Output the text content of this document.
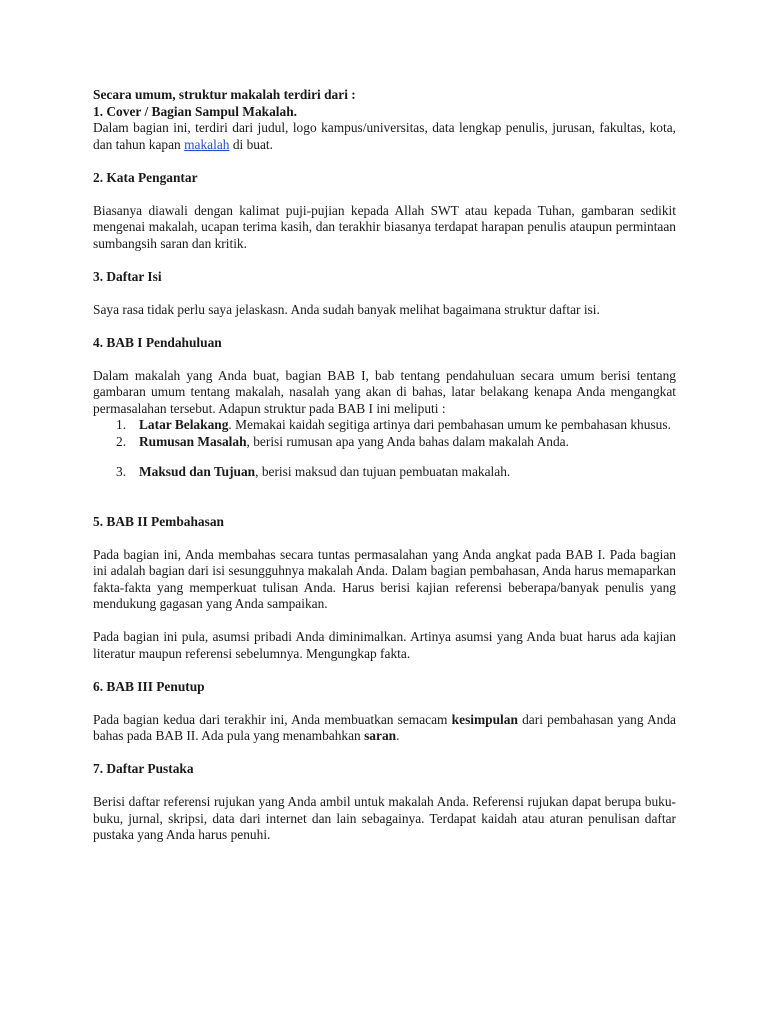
Secara umum, struktur makalah terdiri dari :

1. Cover / Bagian Sampul Makalah.

Dalam bagian ini, terdiri dari judul, logo kampus/universitas, data lengkap penulis, jurusan, fakultas, kota, dan tahun kapan makalah di buat.

2. Kata Pengantar

Biasanya diawali dengan kalimat puji-pujian kepada Allah SWT atau kepada Tuhan, gambaran sedikit mengenai makalah, ucapan terima kasih, dan terakhir biasanya terdapat harapan penulis ataupun permintaan sumbangsih saran dan kritik.

3. Daftar Isi

Saya rasa tidak perlu saya jelaskasn. Anda sudah banyak melihat bagaimana struktur daftar isi.

4. BAB I Pendahuluan

Dalam makalah yang Anda buat, bagian BAB I, bab tentang pendahuluan secara umum berisi tentang gambaran umum tentang makalah, nasalah yang akan di bahas, latar belakang kenapa Anda mengangkat permasalahan tersebut. Adapun struktur pada BAB I ini meliputi :

1. Latar Belakang. Memakai kaidah segitiga artinya dari pembahasan umum ke pembahasan khusus.
2. Rumusan Masalah, berisi rumusan apa yang Anda bahas dalam makalah Anda.
3. Maksud dan Tujuan, berisi maksud dan tujuan pembuatan makalah.

5. BAB II Pembahasan

Pada bagian ini, Anda membahas secara tuntas permasalahan yang Anda angkat pada BAB I. Pada bagian ini adalah bagian dari isi sesungguhnya makalah Anda. Dalam bagian pembahasan, Anda harus memaparkan fakta-fakta yang memperkuat tulisan Anda. Harus berisi kajian referensi beberapa/banyak penulis yang mendukung gagasan yang Anda sampaikan.

Pada bagian ini pula, asumsi pribadi Anda diminimalkan. Artinya asumsi yang Anda buat harus ada kajian literatur maupun referensi sebelumnya. Mengungkap fakta.

6. BAB III Penutup

Pada bagian kedua dari terakhir ini, Anda membuatkan semacam kesimpulan dari pembahasan yang Anda bahas pada BAB II. Ada pula yang menambahkan saran.

7. Daftar Pustaka

Berisi daftar referensi rujukan yang Anda ambil untuk makalah Anda. Referensi rujukan dapat berupa buku-buku, jurnal, skripsi, data dari internet dan lain sebagainya. Terdapat kaidah atau aturan penulisan daftar pustaka yang Anda harus penuhi.
